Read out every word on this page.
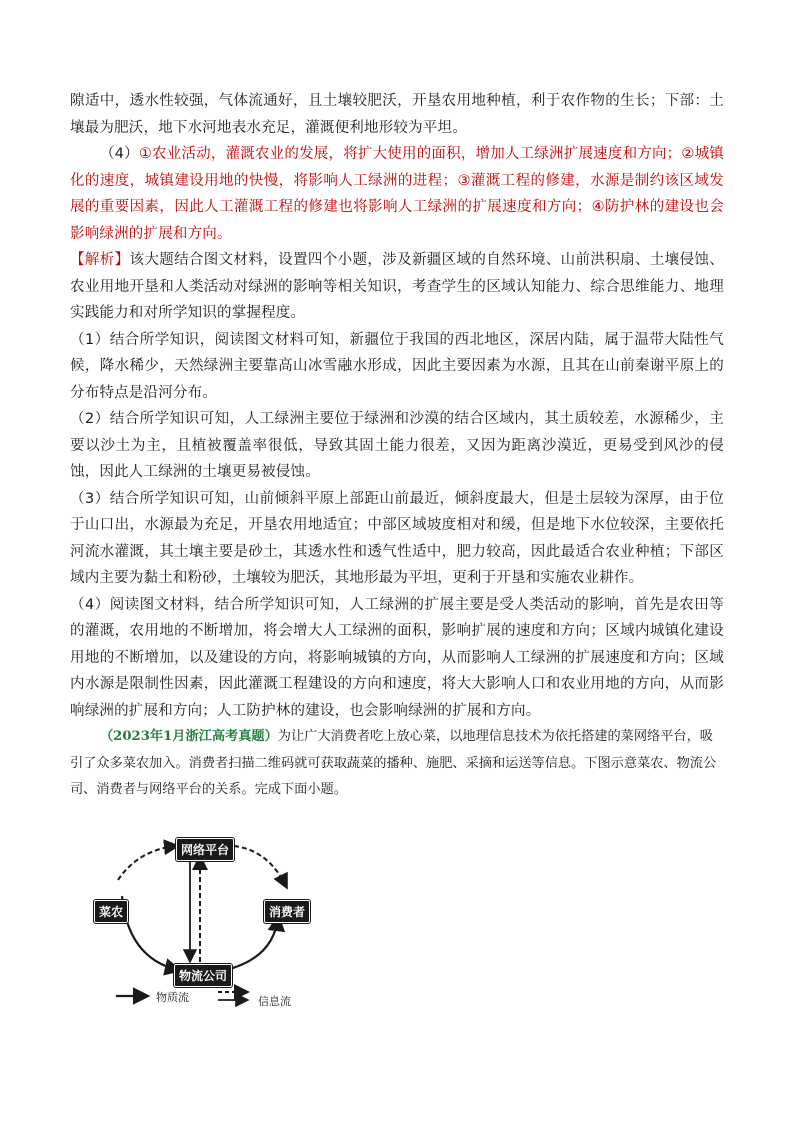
隙适中，透水性较强，气体流通好，且土壤较肥沃，开垦农用地种植，利于农作物的生长；下部：土壤最为肥沃，地下水河地表水充足，灌溉便利地形较为平坦。

（4）①农业活动，灌溉农业的发展，将扩大使用的面积，增加人工绿洲扩展速度和方向；②城镇化的速度，城镇建设用地的快慢，将影响人工绿洲的进程；③灌溉工程的修建，水源是制约该区域发展的重要因素，因此人工灌溉工程的修建也将影响人工绿洲的扩展速度和方向；④防护林的建设也会影响绿洲的扩展和方向。

【解析】该大题结合图文材料，设置四个小题，涉及新疆区域的自然环境、山前洪积扇、土壤侵蚀、农业用地开垦和人类活动对绿洲的影响等相关知识，考查学生的区域认知能力、综合思维能力、地理实践能力和对所学知识的掌握程度。

（1）结合所学知识，阅读图文材料可知，新疆位于我国的西北地区，深居内陆，属于温带大陆性气候，降水稀少，天然绿洲主要靠高山冰雪融水形成，因此主要因素为水源，且其在山前秦谢平原上的分布特点是沿河分布。

（2）结合所学知识可知，人工绿洲主要位于绿洲和沙漠的结合区域内，其土质较差，水源稀少，主要以沙土为主，且植被覆盖率很低，导致其固土能力很差，又因为距离沙漠近，更易受到风沙的侵蚀，因此人工绿洲的土壤更易被侵蚀。

（3）结合所学知识可知，山前倾斜平原上部距山前最近，倾斜度最大，但是土层较为深厚，由于位于山口出，水源最为充足，开垦农用地适宜；中部区域坡度相对和缓，但是地下水位较深，主要依托河流水灌溉，其土壤主要是砂土，其透水性和透气性适中，肥力较高，因此最适合农业种植；下部区域内主要为黏土和粉砂，土壤较为肥沃，其地形最为平坦，更利于开垦和实施农业耕作。

（4）阅读图文材料，结合所学知识可知，人工绿洲的扩展主要是受人类活动的影响，首先是农田等的灌溉，农用地的不断增加，将会增大人工绿洲的面积，影响扩展的速度和方向；区域内城镇化建设用地的不断增加，以及建设的方向，将影响城镇的方向，从而影响人工绿洲的扩展速度和方向；区域内水源是限制性因素，因此灌溉工程建设的方向和速度，将大大影响人口和农业用地的方向，从而影响绿洲的扩展和方向；人工防护林的建设，也会影响绿洲的扩展和方向。

（2023年1月浙江高考真题）为让广大消费者吃上放心菜，以地理信息技术为依托搭建的菜网络平台，吸引了众多菜农加入。消费者扫描二维码就可获取蔬菜的播种、施肥、采摘和运送等信息。下图示意菜农、物流公司、消费者与网络平台的关系。完成下面小题。

网络平台
菜农	消费者
物流公司
物质流	信息流
